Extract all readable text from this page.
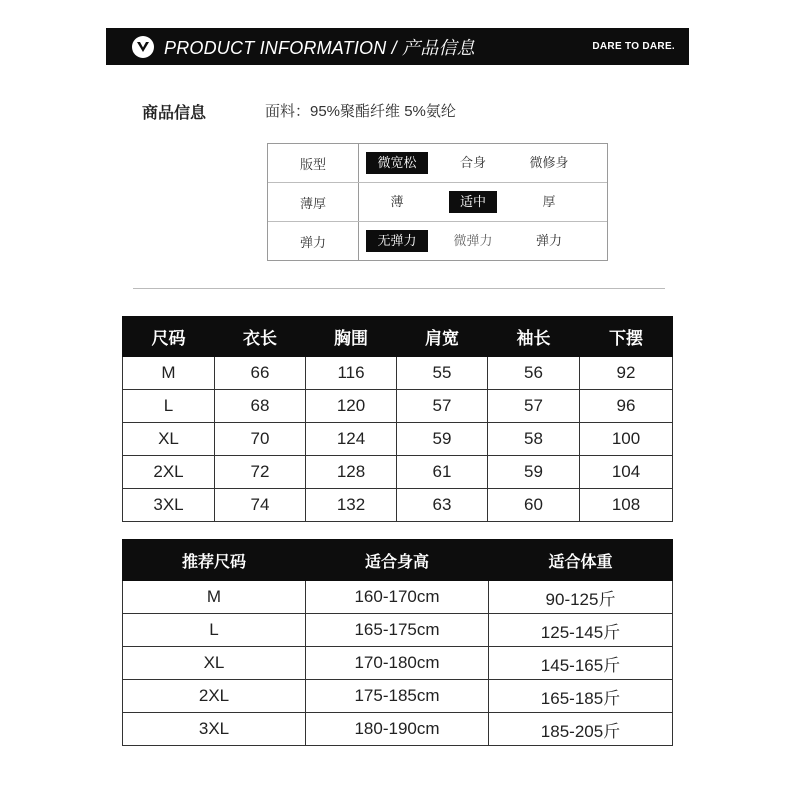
PRODUCT INFORMATION / 产品信息	DARE TO DARE.
商品信息	面料：95%聚酯纤维 5%氨纶
版型	微宽松	合身	微修身
薄厚	薄	适中	厚
弹力	无弹力	微弹力	弹力
尺码	衣长	胸围	肩宽	袖长	下摆
M	66	116	55	56	92
L	68	120	57	57	96
XL	70	124	59	58	100
2XL	72	128	61	59	104
3XL	74	132	63	60	108
推荐尺码	适合身高	适合体重
M	160-170cm	90-125斤
L	165-175cm	125-145斤
XL	170-180cm	145-165斤
2XL	175-185cm	165-185斤
3XL	180-190cm	185-205斤
